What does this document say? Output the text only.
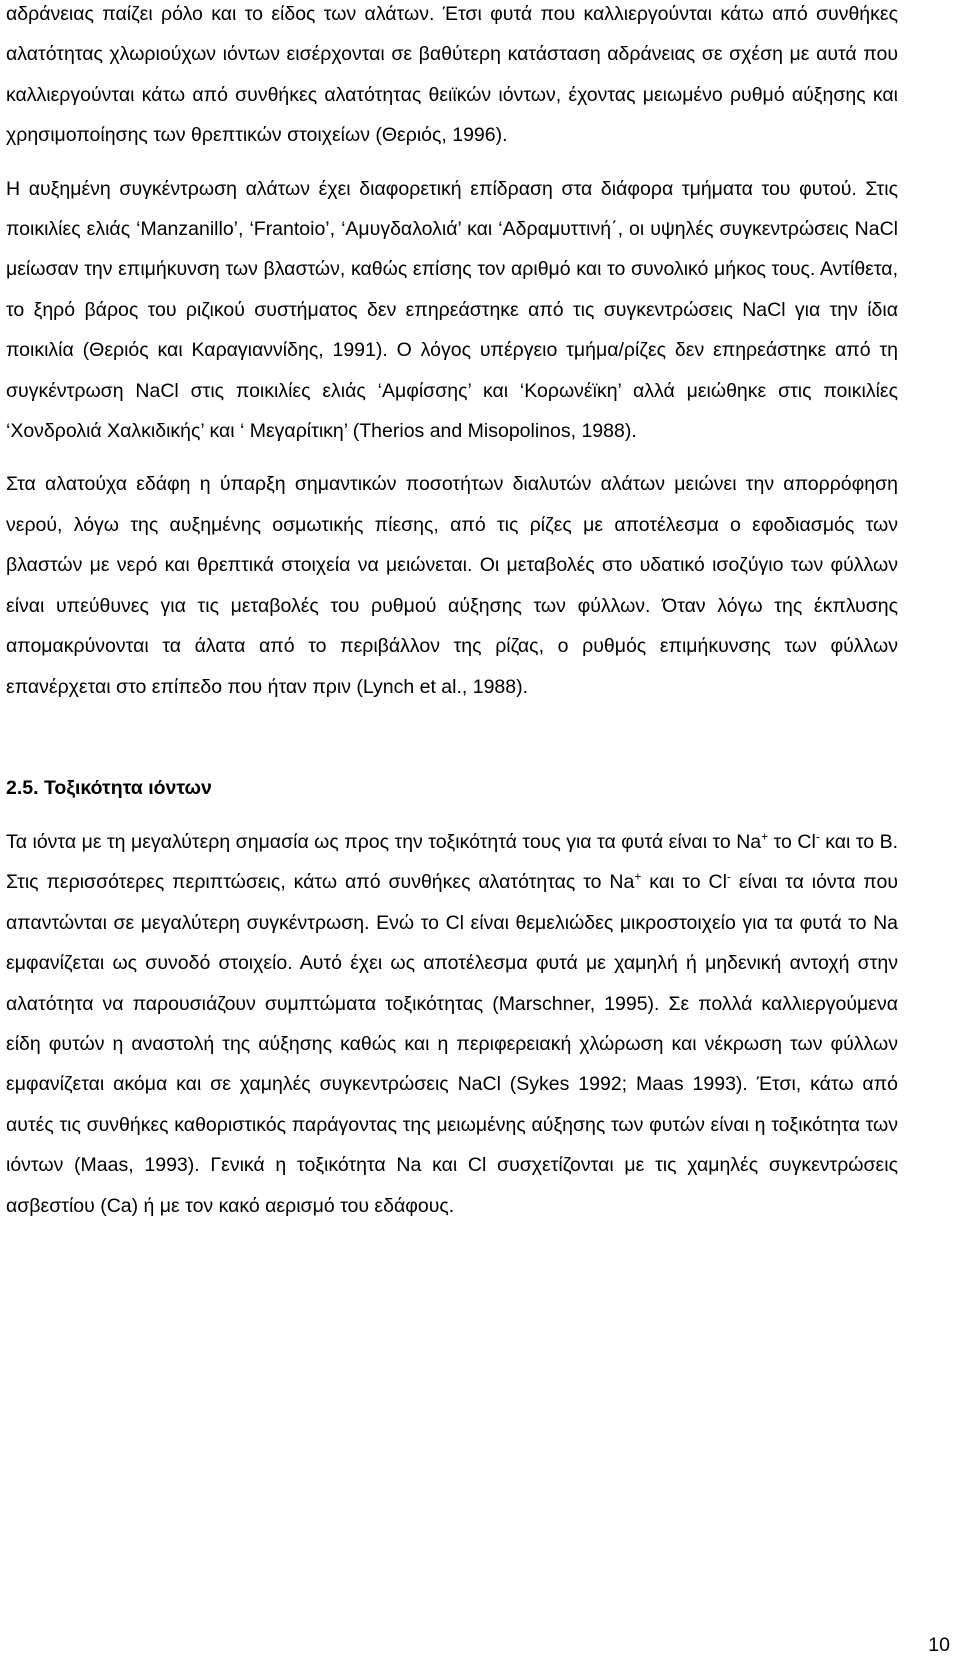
αδράνειας παίζει ρόλο και το είδος των αλάτων. Έτσι φυτά που καλλιεργούνται κάτω από συνθήκες αλατότητας χλωριούχων ιόντων εισέρχονται σε βαθύτερη κατάσταση αδράνειας σε σχέση με αυτά που καλλιεργούνται κάτω από συνθήκες αλατότητας θειϊκών ιόντων, έχοντας μειωμένο ρυθμό αύξησης και χρησιμοποίησης των θρεπτικών στοιχείων (Θεριός, 1996).

Η αυξημένη συγκέντρωση αλάτων έχει διαφορετική επίδραση στα διάφορα τμήματα του φυτού. Στις ποικιλίες ελιάς ‘Manzanillo’, ‘Frantoio’, ‘Αμυγδαλολιά’ και ‘Αδραμυττινή΄, οι υψηλές συγκεντρώσεις NaCl μείωσαν την επιμήκυνση των βλαστών, καθώς επίσης τον αριθμό και το συνολικό μήκος τους. Αντίθετα, το ξηρό βάρος του ριζικού συστήματος δεν επηρεάστηκε από τις συγκεντρώσεις NaCl για την ίδια ποικιλία (Θεριός και Καραγιαννίδης, 1991). Ο λόγος υπέργειο τμήμα/ρίζες δεν επηρεάστηκε από τη συγκέντρωση NaCl στις ποικιλίες ελιάς ‘Αμφίσσης’ και ‘Κορωνέϊκη’ αλλά μειώθηκε στις ποικιλίες ‘Χονδρολιά Χαλκιδικής’ και ‘ Μεγαρίτικη’ (Therios and Misopolinos, 1988).

Στα αλατούχα εδάφη η ύπαρξη σημαντικών ποσοτήτων διαλυτών αλάτων μειώνει την απορρόφηση νερού, λόγω της αυξημένης οσμωτικής πίεσης, από τις ρίζες με αποτέλεσμα ο εφοδιασμός των βλαστών με νερό και θρεπτικά στοιχεία να μειώνεται. Οι μεταβολές στο υδατικό ισοζύγιο των φύλλων είναι υπεύθυνες για τις μεταβολές του ρυθμού αύξησης των φύλλων. Όταν λόγω της έκπλυσης απομακρύνονται τα άλατα από το περιβάλλον της ρίζας, ο ρυθμός επιμήκυνσης των φύλλων επανέρχεται στο επίπεδο που ήταν πριν (Lynch et al., 1988).

2.5. Τοξικότητα ιόντων

Τα ιόντα με τη μεγαλύτερη σημασία ως προς την τοξικότητά τους για τα φυτά είναι το Na+ το Cl- και το B. Στις περισσότερες περιπτώσεις, κάτω από συνθήκες αλατότητας το Na+ και το Cl- είναι τα ιόντα που απαντώνται σε μεγαλύτερη συγκέντρωση. Ενώ το Cl είναι θεμελιώδες μικροστοιχείο για τα φυτά το Na εμφανίζεται ως συνοδό στοιχείο. Αυτό έχει ως αποτέλεσμα φυτά με χαμηλή ή μηδενική αντοχή στην αλατότητα να παρουσιάζουν συμπτώματα τοξικότητας (Marschner, 1995). Σε πολλά καλλιεργούμενα είδη φυτών η αναστολή της αύξησης καθώς και η περιφερειακή χλώρωση και νέκρωση των φύλλων εμφανίζεται ακόμα και σε χαμηλές συγκεντρώσεις NaCl (Sykes 1992; Maas 1993). Έτσι, κάτω από αυτές τις συνθήκες καθοριστικός παράγοντας της μειωμένης αύξησης των φυτών είναι η τοξικότητα των ιόντων (Maas, 1993). Γενικά η τοξικότητα Na και Cl συσχετίζονται με τις χαμηλές συγκεντρώσεις ασβεστίου (Ca) ή με τον κακό αερισμό του εδάφους.

10
